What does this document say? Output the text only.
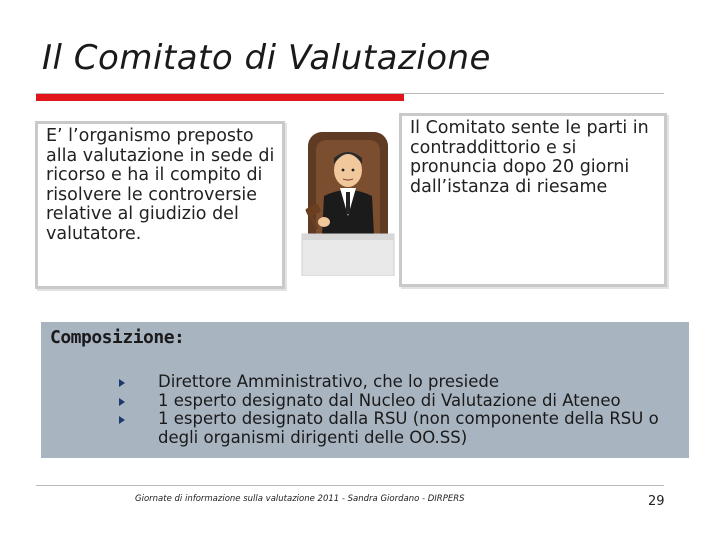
Il Comitato di Valutazione
E’ l’organismo preposto alla valutazione in sede di ricorso e ha il compito di risolvere le controversie relative al giudizio del valutatore.
Il Comitato sente le parti in contraddittorio e si pronuncia dopo 20 giorni dall’istanza di riesame
Composizione:
Direttore Amministrativo, che lo presiede
1 esperto designato dal Nucleo di Valutazione di Ateneo
1 esperto designato dalla RSU (non componente della RSU o degli organismi dirigenti delle OO.SS)
Giornate di informazione sulla valutazione 2011 - Sandra Giordano - DIRPERS	29
